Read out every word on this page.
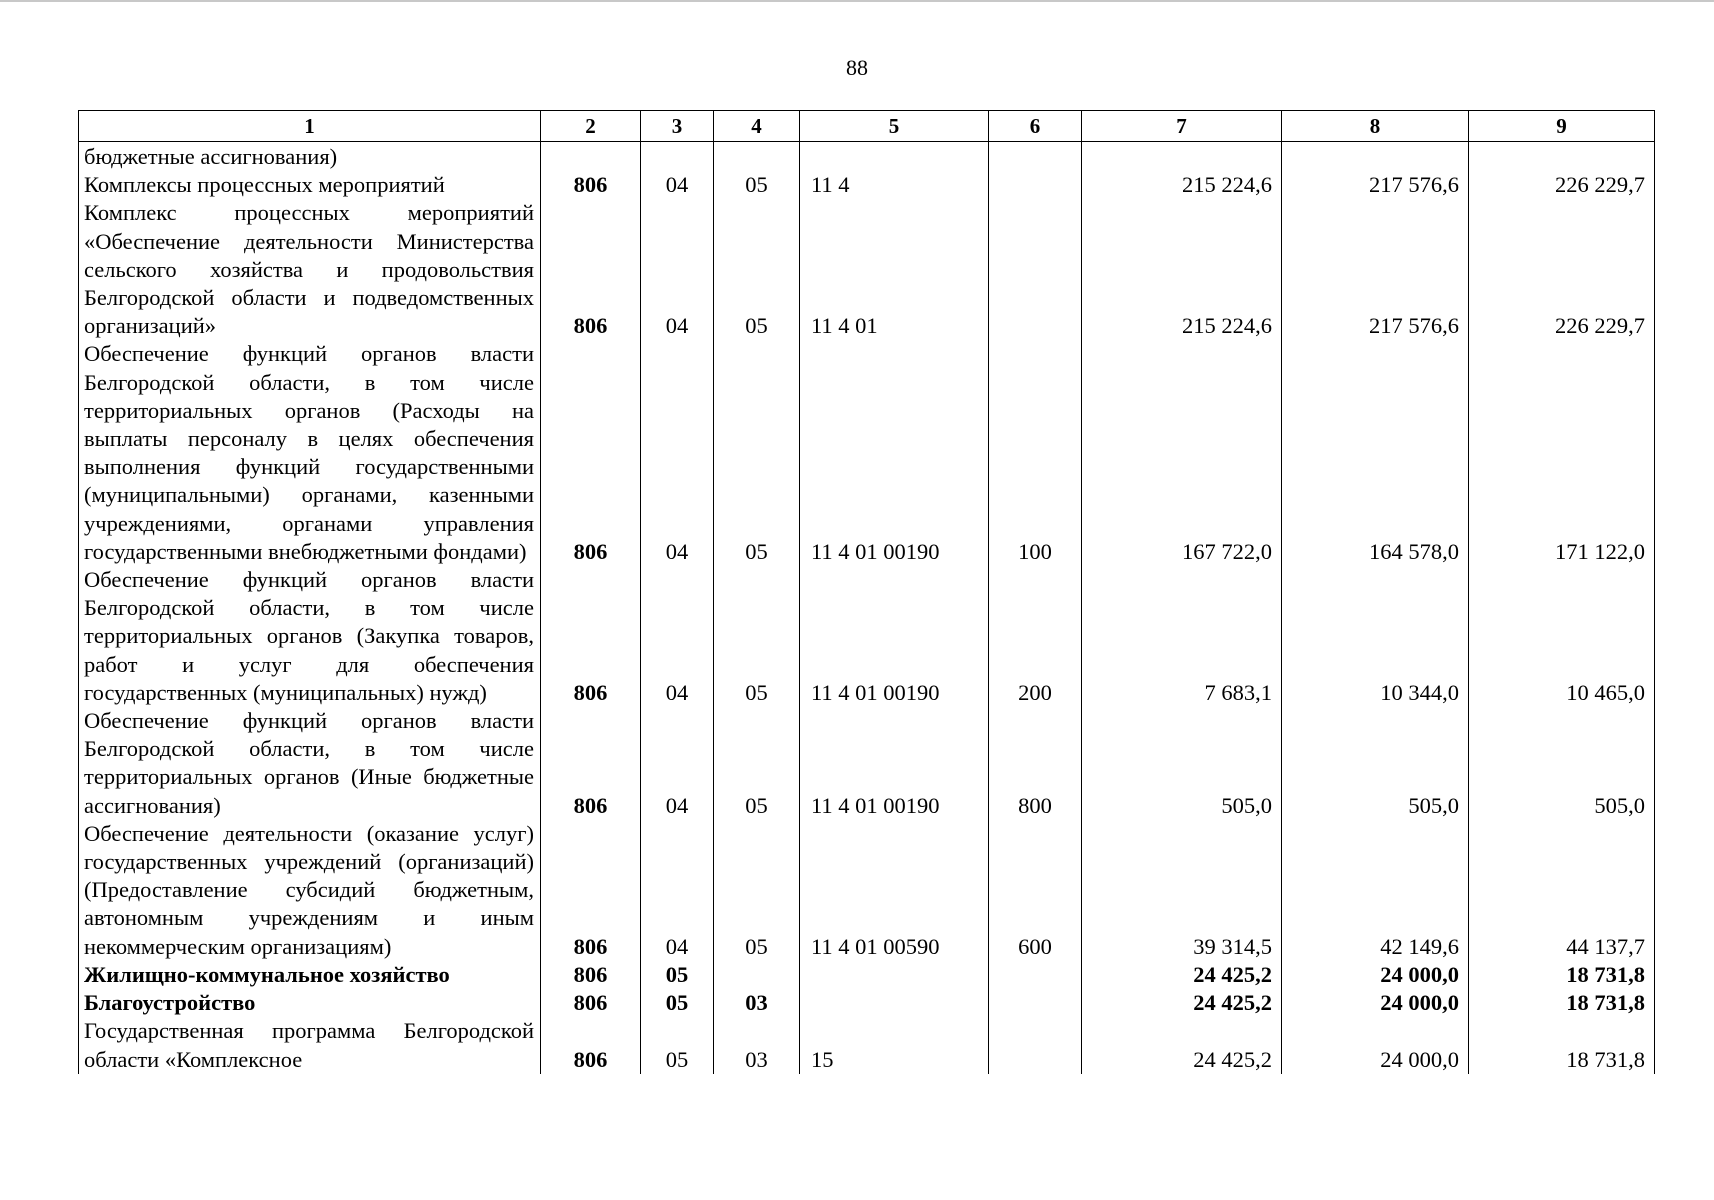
88
1	2	3	4	5	6	7	8	9
бюджетные ассигнования)								
Комплексы процессных мероприятий	806	04	05	11 4		215 224,6	217 576,6	226 229,7
Комплекс процессных мероприятий «Обеспечение деятельности Министерства сельского хозяйства и продовольствия Белгородской области и подведомственных организаций»	806	04	05	11 4 01		215 224,6	217 576,6	226 229,7
Обеспечение функций органов власти Белгородской области, в том числе территориальных органов (Расходы на выплаты персоналу в целях обеспечения выполнения функций государственными (муниципальными) органами, казенными учреждениями, органами управления государственными внебюджетными фондами)	806	04	05	11 4 01 00190	100	167 722,0	164 578,0	171 122,0
Обеспечение функций органов власти Белгородской области, в том числе территориальных органов (Закупка товаров, работ и услуг для обеспечения государственных (муниципальных) нужд)	806	04	05	11 4 01 00190	200	7 683,1	10 344,0	10 465,0
Обеспечение функций органов власти Белгородской области, в том числе территориальных органов (Иные бюджетные ассигнования)	806	04	05	11 4 01 00190	800	505,0	505,0	505,0
Обеспечение деятельности (оказание услуг) государственных учреждений (организаций) (Предоставление субсидий бюджетным, автономным учреждениям и иным некоммерческим организациям)	806	04	05	11 4 01 00590	600	39 314,5	42 149,6	44 137,7
Жилищно-коммунальное хозяйство	806	05				24 425,2	24 000,0	18 731,8
Благоустройство	806	05	03			24 425,2	24 000,0	18 731,8
Государственная программа Белгородской области «Комплексное	806	05	03	15		24 425,2	24 000,0	18 731,8
